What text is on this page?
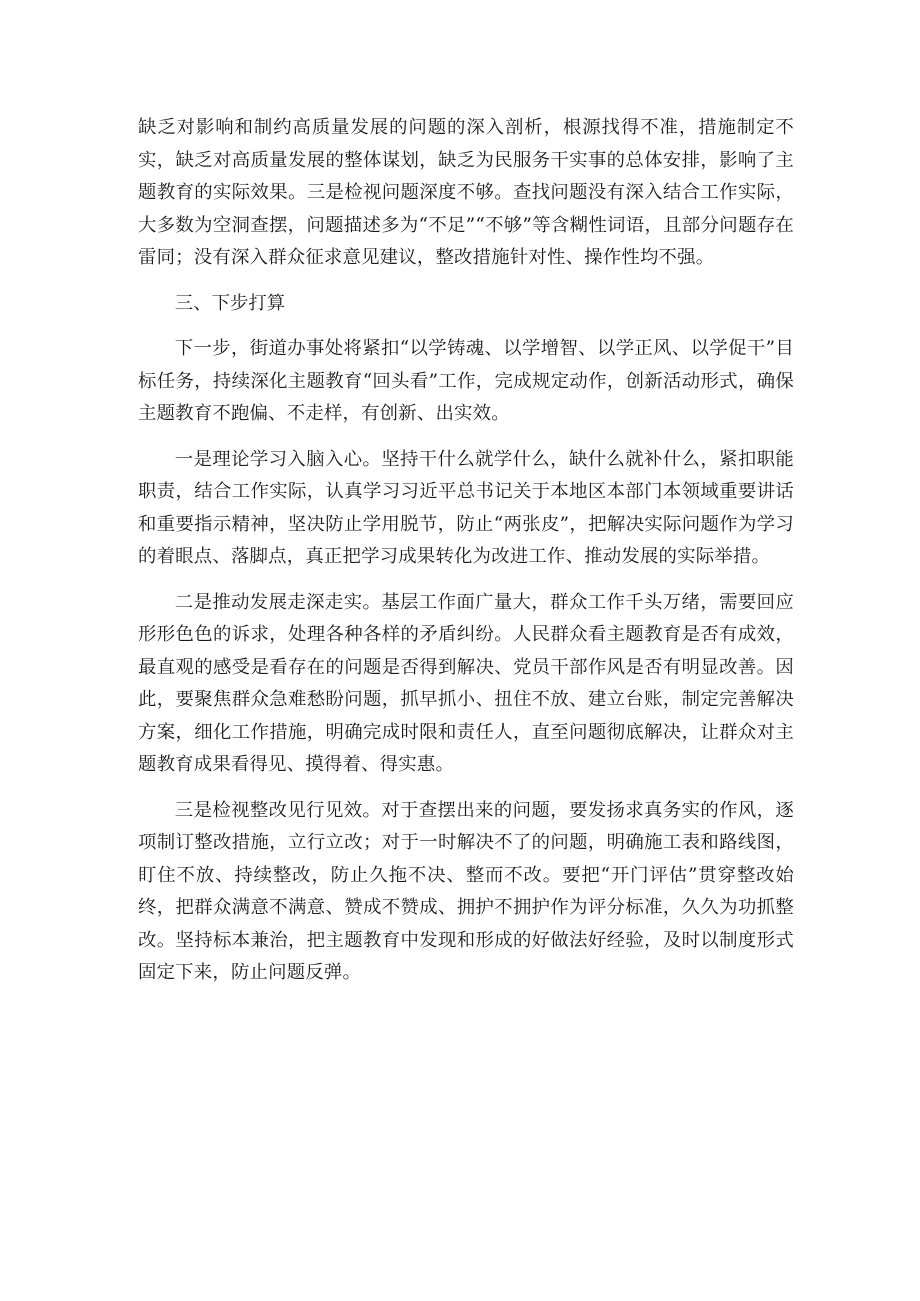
缺乏对影响和制约高质量发展的问题的深入剖析，根源找得不准，措施制定不实，缺乏对高质量发展的整体谋划，缺乏为民服务干实事的总体安排，影响了主题教育的实际效果。三是检视问题深度不够。查找问题没有深入结合工作实际，大多数为空洞查摆，问题描述多为“不足”“不够”等含糊性词语，且部分问题存在雷同；没有深入群众征求意见建议，整改措施针对性、操作性均不强。

三、下步打算

下一步，街道办事处将紧扣“以学铸魂、以学增智、以学正风、以学促干”目标任务，持续深化主题教育“回头看”工作，完成规定动作，创新活动形式，确保主题教育不跑偏、不走样，有创新、出实效。

一是理论学习入脑入心。坚持干什么就学什么，缺什么就补什么，紧扣职能职责，结合工作实际，认真学习习近平总书记关于本地区本部门本领域重要讲话和重要指示精神，坚决防止学用脱节，防止“两张皮”，把解决实际问题作为学习的着眼点、落脚点，真正把学习成果转化为改进工作、推动发展的实际举措。

二是推动发展走深走实。基层工作面广量大，群众工作千头万绪，需要回应形形色色的诉求，处理各种各样的矛盾纠纷。人民群众看主题教育是否有成效，最直观的感受是看存在的问题是否得到解决、党员干部作风是否有明显改善。因此，要聚焦群众急难愁盼问题，抓早抓小、扭住不放、建立台账，制定完善解决方案，细化工作措施，明确完成时限和责任人，直至问题彻底解决，让群众对主题教育成果看得见、摸得着、得实惠。

三是检视整改见行见效。对于查摆出来的问题，要发扬求真务实的作风，逐项制订整改措施，立行立改；对于一时解决不了的问题，明确施工表和路线图，盯住不放、持续整改，防止久拖不决、整而不改。要把“开门评估”贯穿整改始终，把群众满意不满意、赞成不赞成、拥护不拥护作为评分标准，久久为功抓整改。坚持标本兼治，把主题教育中发现和形成的好做法好经验，及时以制度形式固定下来，防止问题反弹。
